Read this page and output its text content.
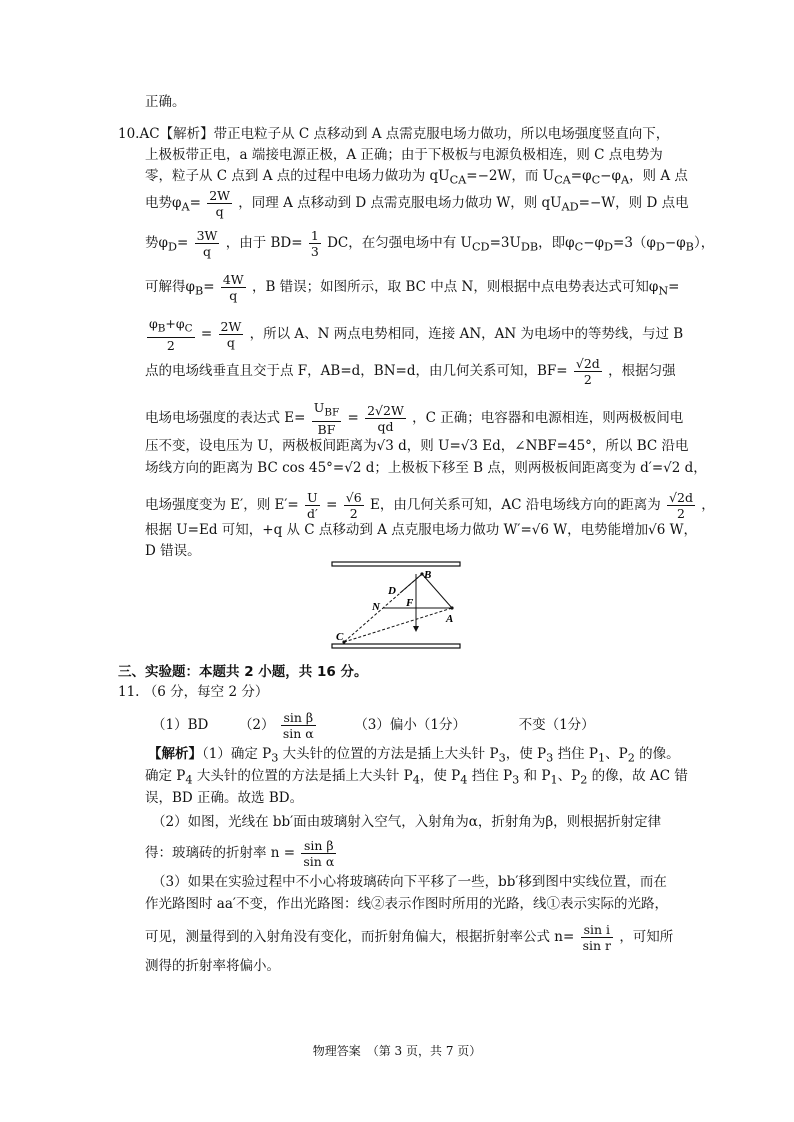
正确。
10.AC【解析】带正电粒子从 C 点移动到 A 点需克服电场力做功，所以电场强度竖直向下，
上极板带正电，a 端接电源正极，A 正确；由于下极板与电源负极相连，则 C 点电势为
零，粒子从 C 点到 A 点的过程中电场力做功为 $qU_{CA}=-2W$，而 $U_{CA}=\varphi_C-\varphi_A$，则 A 点
电势$\varphi_A= \frac{2W}{q}$ ，同理 A 点移动到 D 点需克服电场力做功 W，则 $qU_{AD}=-W$，则 D 点电
势$\varphi_D= \frac{3W}{q}$ ，由于 $BD= \frac{1}{3}$ DC，在匀强电场中有 $U_{CD}=3U_{DB}$，即$\varphi_C-\varphi_D=3(\varphi_D-\varphi_B)$，
可解得$\varphi_B= \frac{4W}{q}$ ，B 错误；如图所示，取 BC 中点 N，则根据中点电势表达式可知$\varphi_N=$
$\frac{\varphi_B+\varphi_C}{2} = \frac{2W}{q}$ ，所以 A、N 两点电势相同，连接 AN，AN 为电场中的等势线，与过 B
点的电场线垂直且交于点 F，AB=d，BN=d，由几何关系可知，$BF= \frac{√2d}{2}$ ，根据匀强
电场电场强度的表达式 $E= \frac{U_{BF}}{BF} = \frac{2√2W}{qd}$ ，C 正确；电容器和电源相连，则两极板间电
压不变，设电压为 U，两极板间距离为√3 d，则 U=√3 Ed，∠NBF=45°，所以 BC 沿电
场线方向的距离为 BC cos 45°=√2 d；上极板下移至 B 点，则两极板间距离变为 d′=√2 d，
电场强度变为 E′，则 $E'= \frac{U}{d'} = \frac{√6}{2}$ E，由几何关系可知，AC 沿电场线方向的距离为 $\frac{√2d}{2}$ ，
根据 U=Ed 可知，+q 从 C 点移动到 A 点克服电场力做功 W′=√6 W，电势能增加√6 W，
D 错误。
B
D
N F
A
C
三、实验题：本题共 2 小题，共 16 分。
11. （6 分，每空 2 分）
（1）BD $(2) \frac{\text{sin β}}{\text{sin α}}$	（3）偏小（1分）	不变（1分）
【解析】（1）确定 $P_3$ 大头针的位置的方法是插上大头针 $P_3$，使 $P_3$ 挡住 $P_1$、$P_2$ 的像。
确定 $P_4$ 大头针的位置的方法是插上大头针 $P_4$，使 $P_4$ 挡住 $P_3$ 和 $P_1$、$P_2$ 的像，故 AC 错
误，BD 正确。故选 BD。
（2）如图，光线在 bb′面由玻璃射入空气，入射角为α，折射角为β，则根据折射定律
得：玻璃砖的折射率 $n = \frac{\text{sin β}}{\text{sin α}}$
（3）如果在实验过程中不小心将玻璃砖向下平移了一些，bb′移到图中实线位置，而在
作光路图时 aa′不变，作出光路图：线②表示作图时所用的光路，线①表示实际的光路，
可见，测量得到的入射角没有变化，而折射角偏大，根据折射率公式 $n= \frac{\text{sin i}}{\text{sin r}}$ ，可知所
测得的折射率将偏小。
物理答案　（第 3 页，共 7 页）
